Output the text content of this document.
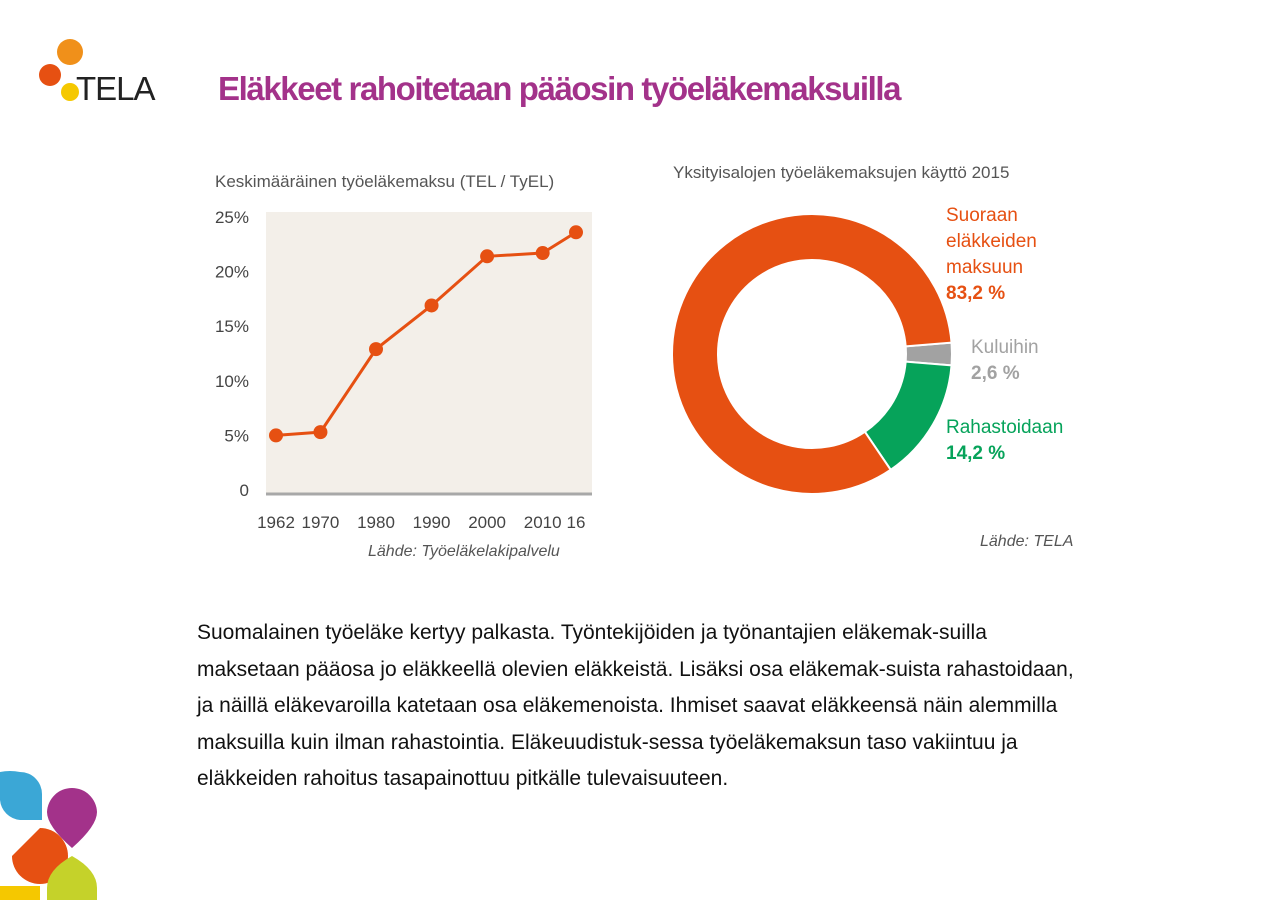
TELA Eläkkeet rahoitetaan pääosin työeläkemaksuilla
Keskimääräinen työeläkemaksu (TEL / TyEL)
0
5%
10%
15%
20%
25%
1962 1970 1980 1990 2000 2010 16
Lähde: Työeläkelakipalvelu
Yksityisalojen työeläkemaksujen käyttö 2015
Suoraan
eläkkeiden
maksuun
83,2 %
Kuluihin
2,6 %
Rahastoidaan
14,2 %
Lähde: TELA

Suomalainen työeläke kertyy palkasta. Työntekijöiden ja työnantajien eläkemak-suilla maksetaan pääosa jo eläkkeellä olevien eläkkeistä. Lisäksi osa eläkemak-suista rahastoidaan, ja näillä eläkevaroilla katetaan osa eläkemenoista. Ihmiset saavat eläkkeensä näin alemmilla maksuilla kuin ilman rahastointia. Eläkeuudistuk-sessa työeläkemaksun taso vakiintuu ja eläkkeiden rahoitus tasapainottuu pitkälle tulevaisuuteen.
